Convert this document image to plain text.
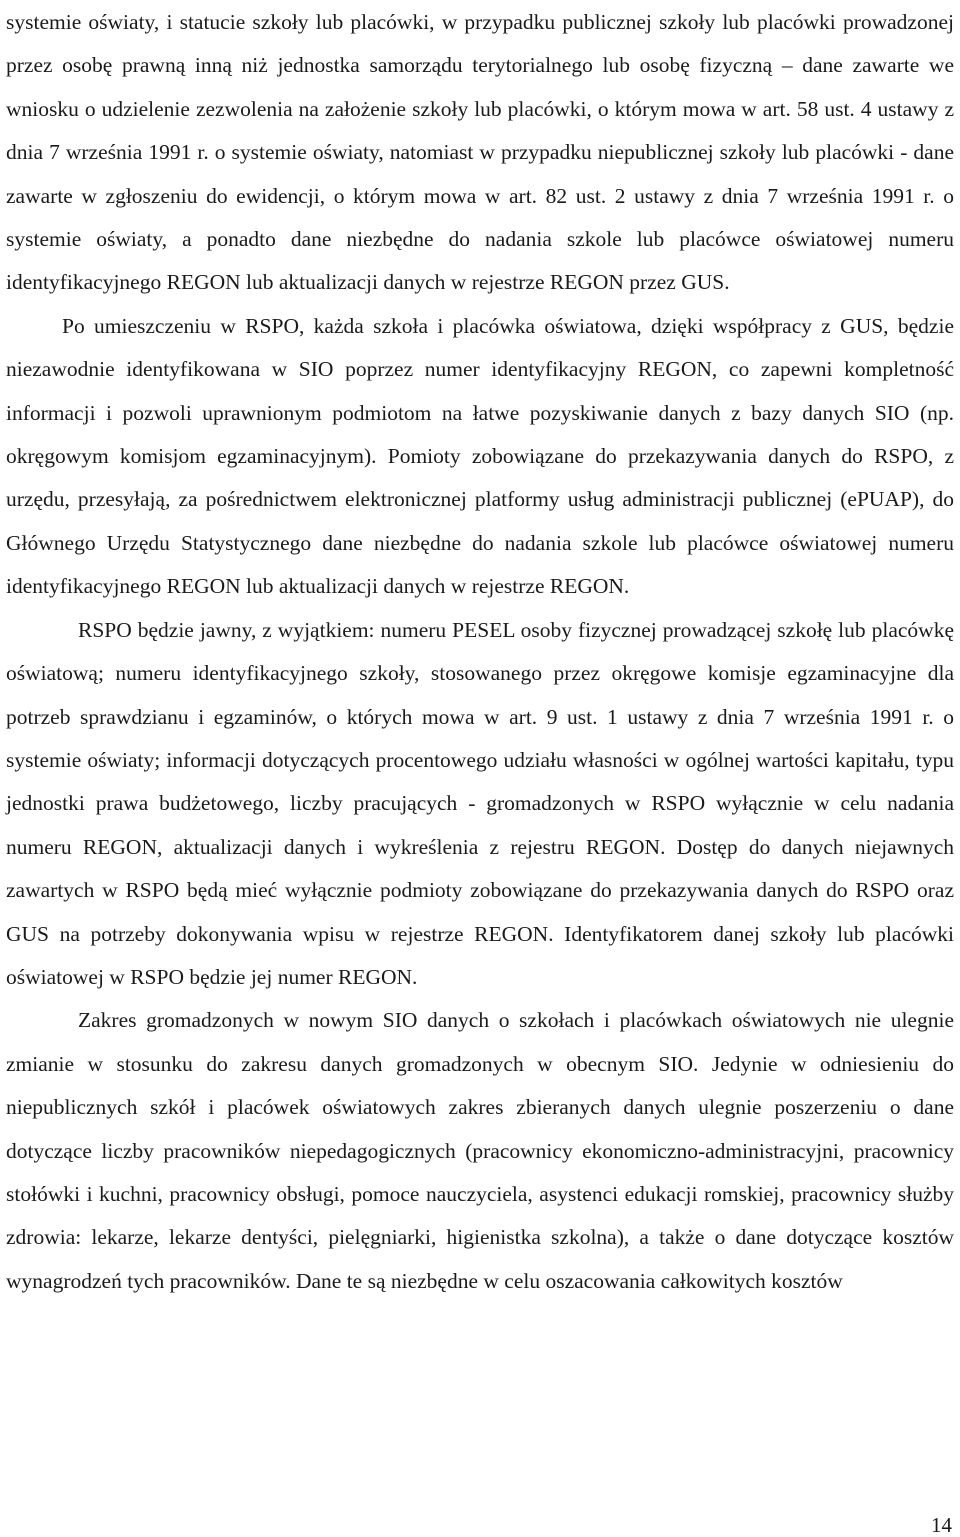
systemie oświaty, i statucie szkoły lub placówki, w przypadku publicznej szkoły lub placówki prowadzonej przez osobę prawną inną niż jednostka samorządu terytorialnego lub osobę fizyczną – dane zawarte we wniosku o udzielenie zezwolenia na założenie szkoły lub placówki, o którym mowa w art. 58 ust. 4 ustawy z dnia 7 września 1991 r. o systemie oświaty, natomiast w przypadku niepublicznej szkoły lub placówki - dane zawarte w zgłoszeniu do ewidencji, o którym mowa w art. 82 ust. 2 ustawy z dnia 7 września 1991 r. o systemie oświaty, a ponadto dane niezbędne do nadania szkole lub placówce oświatowej numeru identyfikacyjnego REGON lub aktualizacji danych w rejestrze REGON przez GUS.

Po umieszczeniu w RSPO, każda szkoła i placówka oświatowa, dzięki współpracy z GUS, będzie niezawodnie identyfikowana w SIO poprzez numer identyfikacyjny REGON, co zapewni kompletność informacji i pozwoli uprawnionym podmiotom na łatwe pozyskiwanie danych z bazy danych SIO (np. okręgowym komisjom egzaminacyjnym). Pomioty zobowiązane do przekazywania danych do RSPO, z urzędu, przesyłają, za pośrednictwem elektronicznej platformy usług administracji publicznej (ePUAP), do Głównego Urzędu Statystycznego dane niezbędne do nadania szkole lub placówce oświatowej numeru identyfikacyjnego REGON lub aktualizacji danych w rejestrze REGON.

RSPO będzie jawny, z wyjątkiem: numeru PESEL osoby fizycznej prowadzącej szkołę lub placówkę oświatową; numeru identyfikacyjnego szkoły, stosowanego przez okręgowe komisje egzaminacyjne dla potrzeb sprawdzianu i egzaminów, o których mowa w art. 9 ust. 1 ustawy z dnia 7 września 1991 r. o systemie oświaty; informacji dotyczących procentowego udziału własności w ogólnej wartości kapitału, typu jednostki prawa budżetowego, liczby pracujących - gromadzonych w RSPO wyłącznie w celu nadania numeru REGON, aktualizacji danych i wykreślenia z rejestru REGON. Dostęp do danych niejawnych zawartych w RSPO będą mieć wyłącznie podmioty zobowiązane do przekazywania danych do RSPO oraz GUS na potrzeby dokonywania wpisu w rejestrze REGON. Identyfikatorem danej szkoły lub placówki oświatowej w RSPO będzie jej numer REGON.

Zakres gromadzonych w nowym SIO danych o szkołach i placówkach oświatowych nie ulegnie zmianie w stosunku do zakresu danych gromadzonych w obecnym SIO. Jedynie w odniesieniu do niepublicznych szkół i placówek oświatowych zakres zbieranych danych ulegnie poszerzeniu o dane dotyczące liczby pracowników niepedagogicznych (pracownicy ekonomiczno-administracyjni, pracownicy stołówki i kuchni, pracownicy obsługi, pomoce nauczyciela, asystenci edukacji romskiej, pracownicy służby zdrowia: lekarze, lekarze dentyści, pielęgniarki, higienistka szkolna), a także o dane dotyczące kosztów wynagrodzeń tych pracowników. Dane te są niezbędne w celu oszacowania całkowitych kosztów

14
